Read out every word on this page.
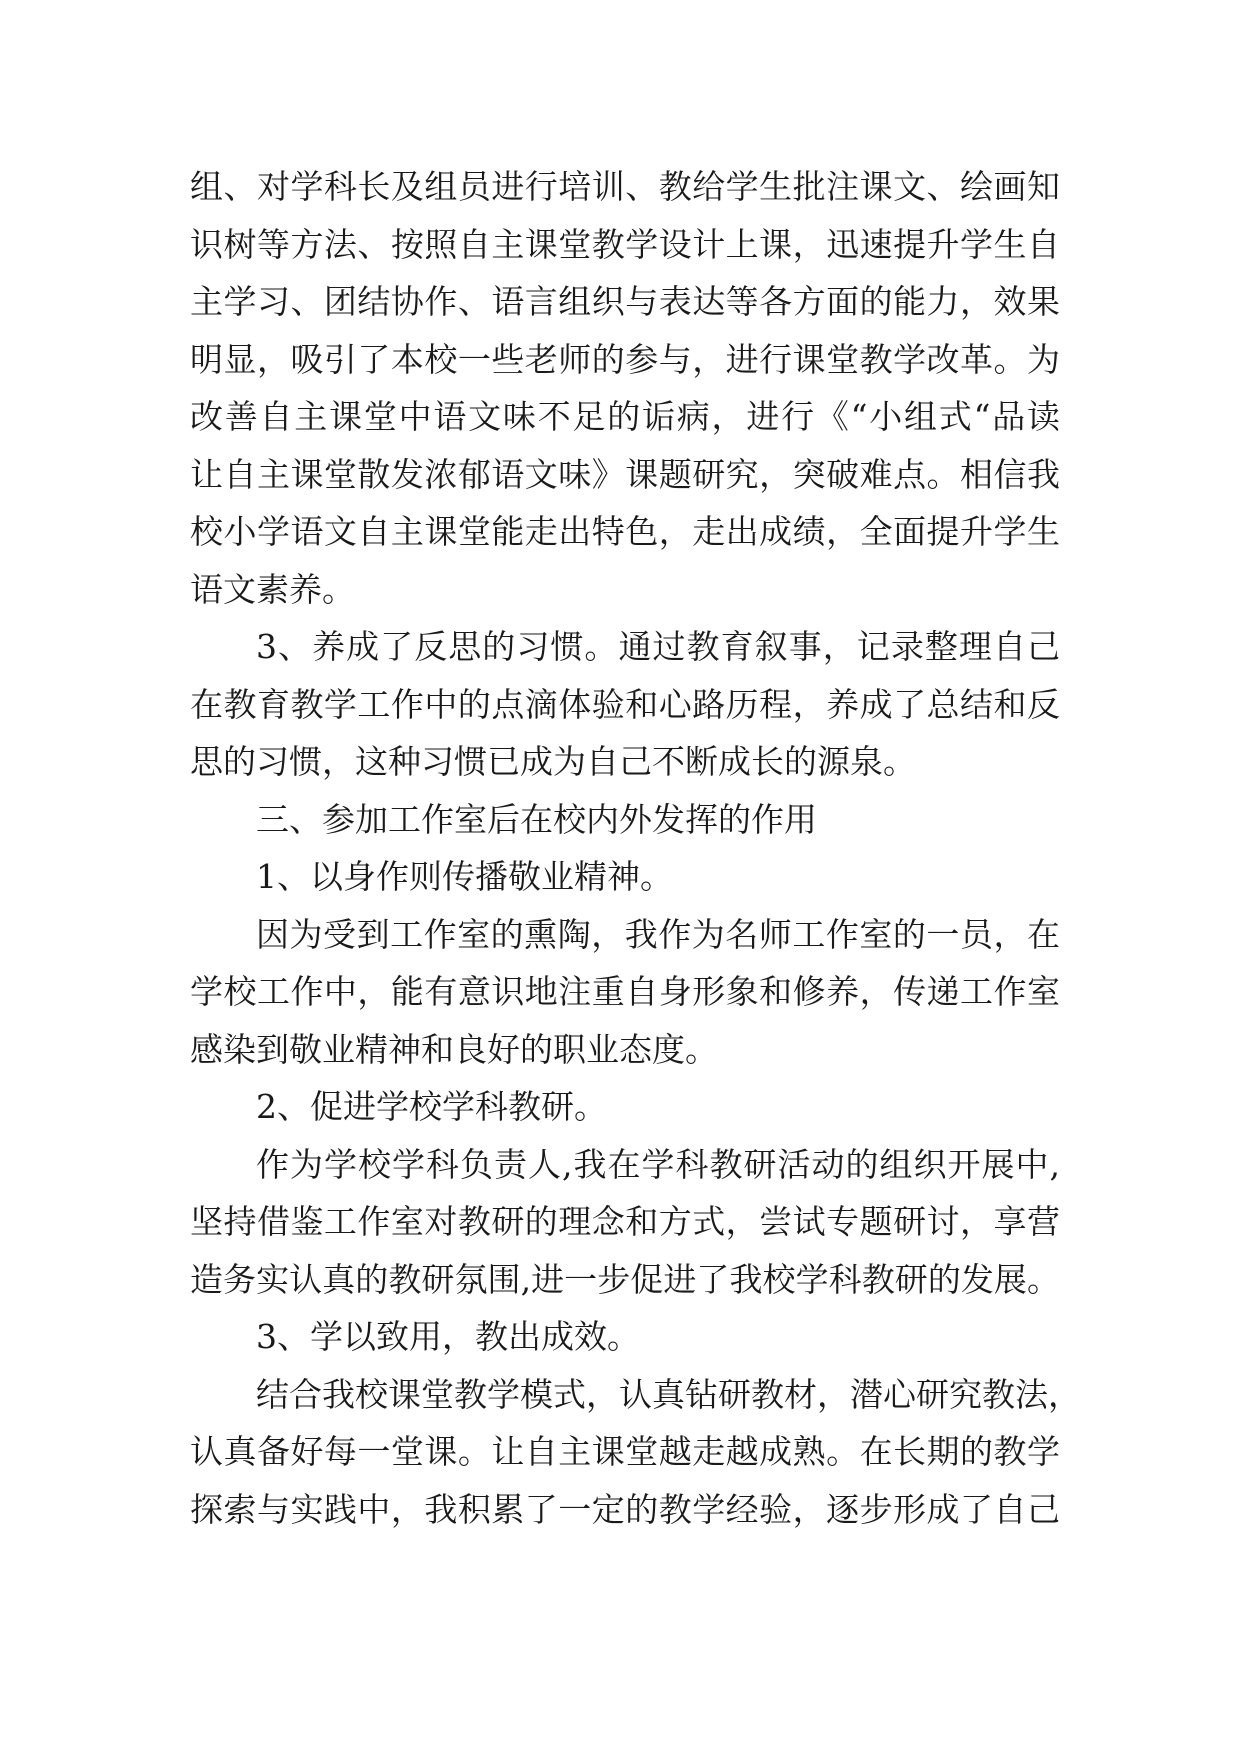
组、对学科长及组员进行培训、教给学生批注课文、绘画知
识树等方法、按照自主课堂教学设计上课，迅速提升学生自
主学习、团结协作、语言组织与表达等各方面的能力，效果
明显，吸引了本校一些老师的参与，进行课堂教学改革。为
改善自主课堂中语文味不足的诟病，进行《“小组式“品读
让自主课堂散发浓郁语文味》课题研究，突破难点。相信我
校小学语文自主课堂能走出特色，走出成绩，全面提升学生
语文素养。
3、养成了反思的习惯。通过教育叙事，记录整理自己
在教育教学工作中的点滴体验和心路历程，养成了总结和反
思的习惯，这种习惯已成为自己不断成长的源泉。
三、参加工作室后在校内外发挥的作用
1、以身作则传播敬业精神。
因为受到工作室的熏陶，我作为名师工作室的一员，在
学校工作中，能有意识地注重自身形象和修养，传递工作室
感染到敬业精神和良好的职业态度。
2、促进学校学科教研。
作为学校学科负责人,我在学科教研活动的组织开展中,
坚持借鉴工作室对教研的理念和方式，尝试专题研讨，享营
造务实认真的教研氛围,进一步促进了我校学科教研的发展。
3、学以致用，教出成效。
结合我校课堂教学模式，认真钻研教材，潜心研究教法，
认真备好每一堂课。让自主课堂越走越成熟。在长期的教学
探索与实践中，我积累了一定的教学经验，逐步形成了自己
